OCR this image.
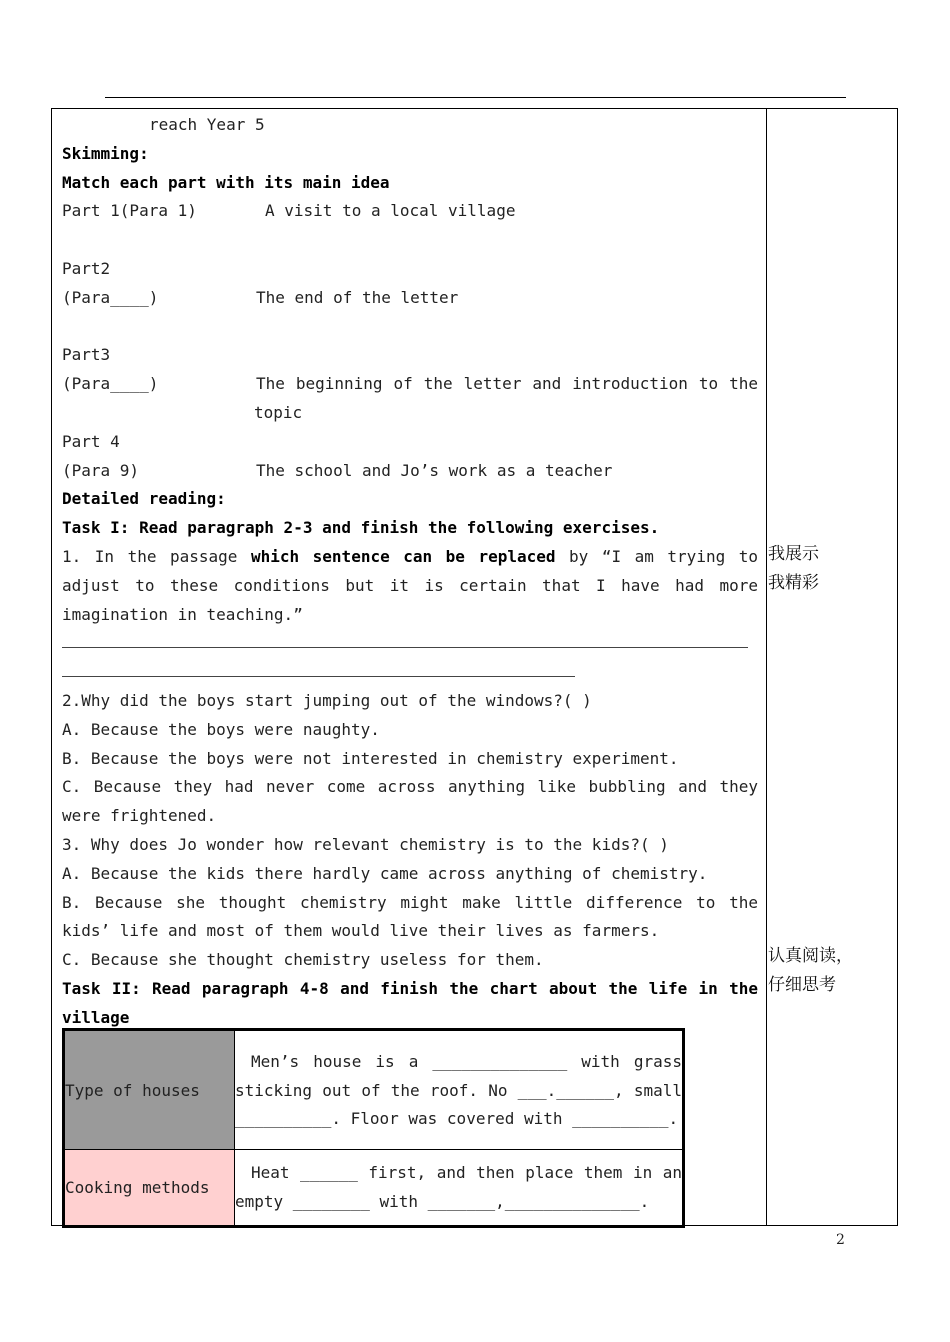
reach Year 5
Skimming:
Match each part with its main idea
Part 1(Para 1)	A visit to a local village
Part2
(Para____)	The end of the letter
Part3
(Para____)	The beginning of the letter and introduction to the
topic
Part 4
(Para 9)	The school and Jo’s work as a teacher
Detailed reading:
Task I: Read paragraph 2-3 and finish the following exercises.
1. In the passage which sentence can be replaced by “I am trying to
adjust to these conditions but it is certain that I have had more
imagination in teaching.”
2.Why did the boys start jumping out of the windows?( )
A. Because the boys were naughty.
B. Because the boys were not interested in chemistry experiment.
C. Because they had never come across anything like bubbling and they
were frightened.
3. Why does Jo wonder how relevant chemistry is to the kids?( )
A. Because the kids there hardly came across anything of chemistry.
B. Because she thought chemistry might make little difference to the
kids’ life and most of them would live their lives as farmers.
C. Because she thought chemistry useless for them.
Task II: Read paragraph 4-8 and finish the chart about the life in the
village
Type of houses	Men’s house is a ______________ with grass sticking out of the roof. No ___.______, small __________. Floor was covered with __________.

Cooking methods	Heat ______ first, and then place them in an empty ________ with _______,______________.
我展示
我精彩
认真阅读，
仔细思考
2
